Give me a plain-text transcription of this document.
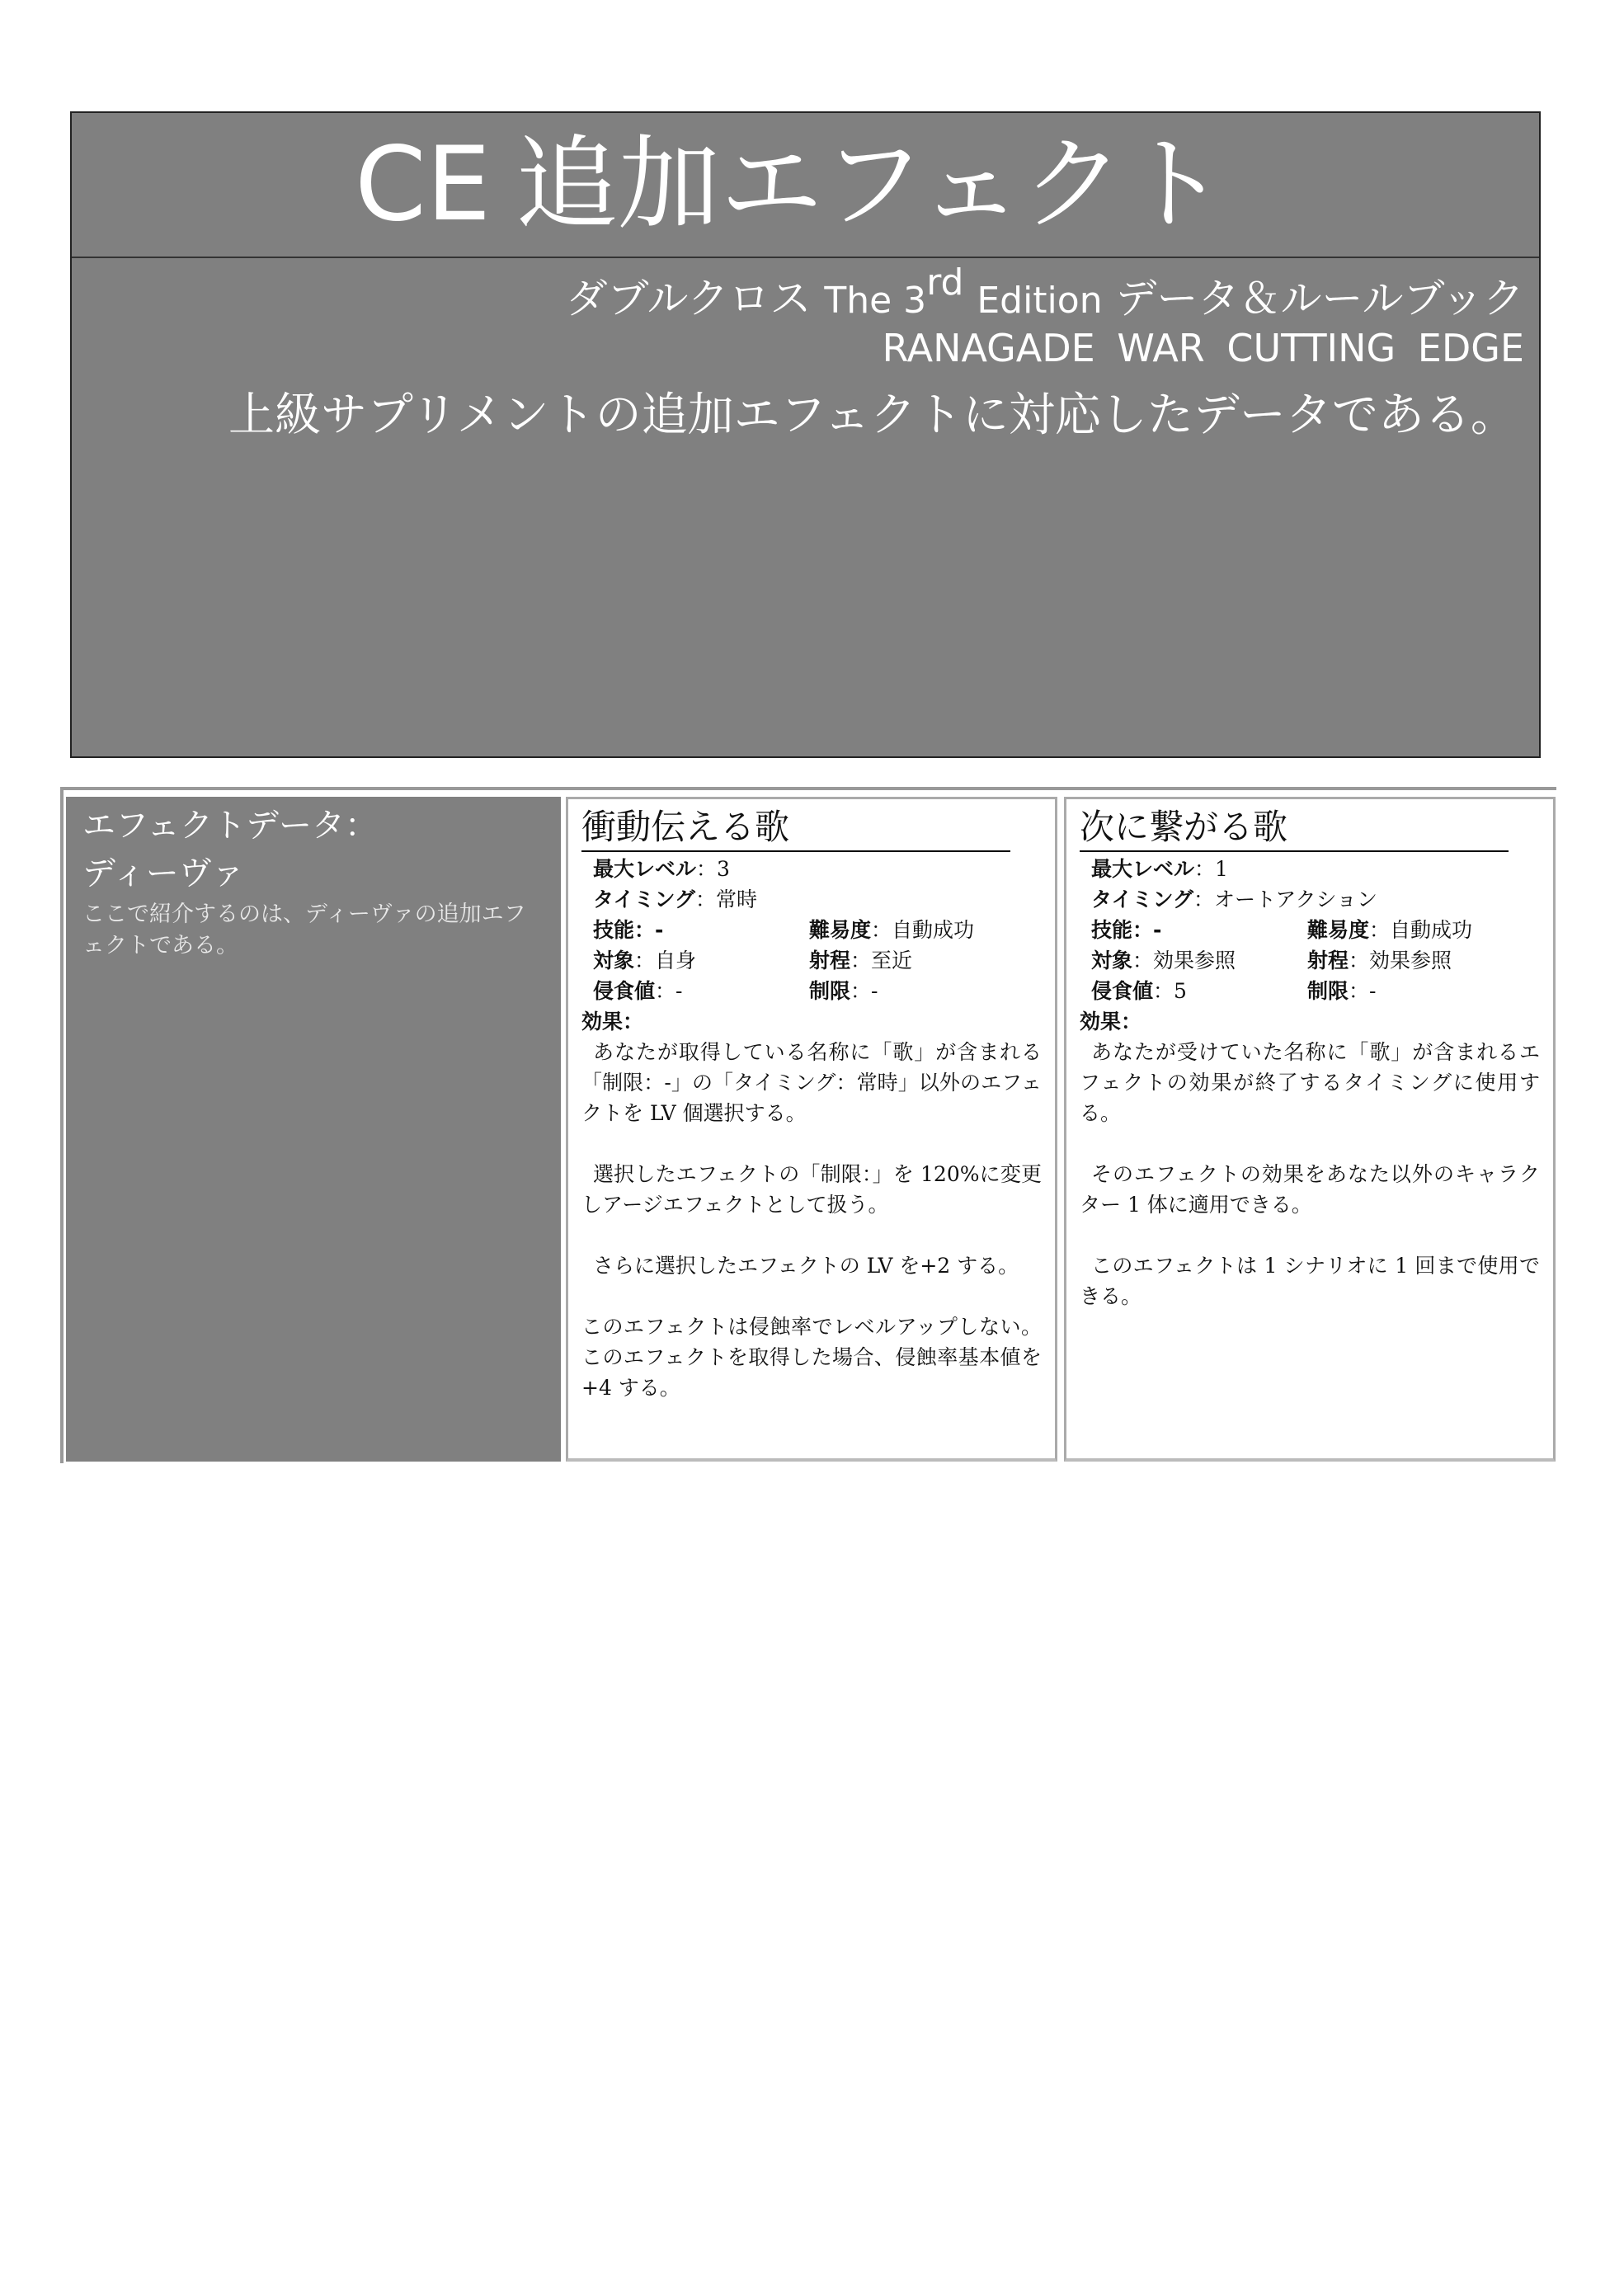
CE 追加エフェクト
ダブルクロス The 3rd Edition データ＆ルールブック
RANAGADE WAR CUTTING EDGE
上級サプリメントの追加エフェクトに対応したデータである。
エフェクトデータ：
ディーヴァ
ここで紹介するのは、ディーヴァの追加エフェクトである。
衝動伝える歌
最大レベル ：3
タイミング ：常時
技能：-	難易度：自動成功
対象：自身	射程：至近
侵食値：-	制限：-
効果：

あなたが取得している名称に「歌」が含まれる「制限：-」の「タイミング：常時」以外のエフェクトを LV 個選択する。

選択したエフェクトの「制限：」を 120%に変更しアージエフェクトとして扱う。

さらに選択したエフェクトの LV を+2 する。

このエフェクトは侵蝕率でレベルアップしない。このエフェクトを取得した場合、侵蝕率基本値を+4 する。

次に繋がる歌
最大レベル ：1
タイミング ：オートアクション
技能：-	難易度：自動成功
対象：効果参照	射程：効果参照
侵食値：5	制限：-
効果：

あなたが受けていた名称に「歌」が含まれるエフェクトの効果が終了するタイミングに使用する。

そのエフェクトの効果をあなた以外のキャラクター 1 体に適用できる。

このエフェクトは 1 シナリオに 1 回まで使用できる。
